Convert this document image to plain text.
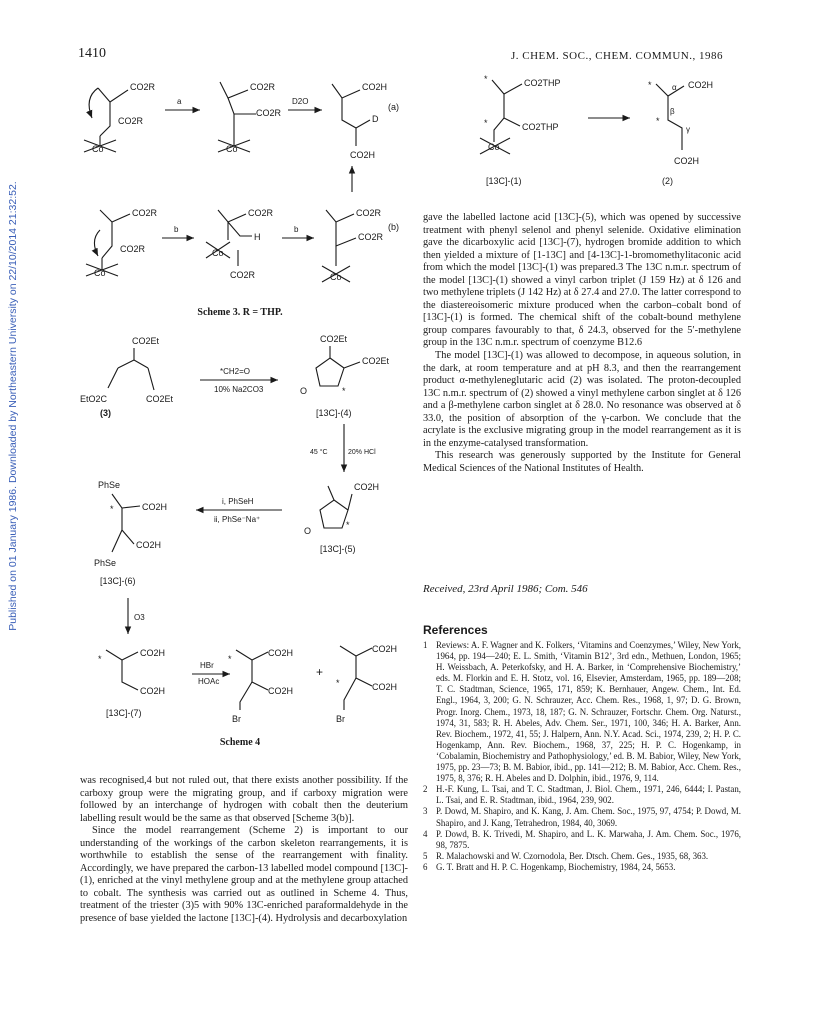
Published on 01 January 1986. Downloaded by Northeastern University on 22/10/2014 21:32:52.
1410	J. CHEM. SOC., CHEM. COMMUN., 1986
CO2R
CO2R
Co
a
CO2R
CO2R
Co
D2O
CO2H
D
CO2H
(a)
CO2R
CO2R
Co
b
CO2R
H
Co
CO2R
b
CO2R
CO2R
Co
(b)
Scheme 3. R = THP.
*	CO2THP
CO2THP
*
Co
[13C]-(1)
*	α CO2H
β
γ
*
CO2H
(2)
CO2Et
EtO2C	CO2Et
(3)
*CH2=O
10% Na2CO3
CO2Et
CO2Et
O	*
[13C]-(4)
45 °C	20% HCl
CO2H
O
*
[13C]-(5)
i, PhSeH
ii, PhSe⁻Na⁺
PhSe
CO2H
*
CO2H
PhSe
[13C]-(6)
O3
*
CO2H
CO2H
[13C]-(7)
HBr
HOAc
*
CO2H
CO2H
Br
+
CO2H
CO2H
*
Br
Scheme 4

was recognised,4 but not ruled out, that there exists another possibility. If the carboxy group were the migrating group, and if carboxy migration were followed by an interchange of hydrogen with cobalt then the deuterium labelling result would be the same as that observed [Scheme 3(b)].

Since the model rearrangement (Scheme 2) is important to our understanding of the workings of the carbon skeleton rearrangements, it is worthwhile to establish the sense of the rearrangement with finality. Accordingly, we have prepared the carbon-13 labelled model compound [13C]-(1), enriched at the vinyl methylene group and at the methylene group attached to cobalt. The synthesis was carried out as outlined in Scheme 4. Thus, treatment of the triester (3)5 with 90% 13C-enriched paraformaldehyde in the presence of base yielded the lactone [13C]-(4). Hydrolysis and decarboxylation

gave the labelled lactone acid [13C]-(5), which was opened by successive treatment with phenyl selenol and phenyl selenide. Oxidative elimination gave the dicarboxylic acid [13C]-(7), hydrogen bromide addition to which then yielded a mixture of [1-13C] and [4-13C]-1-bromomethylitaconic acid from which the model [13C]-(1) was prepared.3 The 13C n.m.r. spectrum of the model [13C]-(1) showed a vinyl carbon triplet (J 159 Hz) at δ 126 and two methylene triplets (J 142 Hz) at δ 27.4 and 27.0. The latter correspond to the diastereoisomeric mixture produced when the carbon–cobalt bond of [13C]-(1) is formed. The chemical shift of the cobalt-bound methylene group compares favourably to that, δ 24.3, observed for the 5′-methylene group in the 13C n.m.r. spectrum of coenzyme B12.6

The model [13C]-(1) was allowed to decompose, in aqueous solution, in the dark, at room temperature and at pH 8.3, and then the rearrangement product α-methyleneglutaric acid (2) was isolated. The proton-decoupled 13C n.m.r. spectrum of (2) showed a vinyl methylene carbon singlet at δ 126 and a β-methylene carbon singlet at δ 28.0. No resonance was observed at δ 33.0, the position of absorption of the γ-carbon. We conclude that the acrylate is the exclusive migrating group in the model rearrangement as it is in the enzyme-catalysed transformation.

This research was generously supported by the Institute for General Medical Sciences of the National Institutes of Health.

Received, 23rd April 1986; Com. 546
References
1 Reviews: A. F. Wagner and K. Folkers, ‘Vitamins and Coenzymes,’ Wiley, New York, 1964, pp. 194—240; E. L. Smith, ‘Vitamin B12’, 3rd edn., Methuen, London, 1965; H. Weissbach, A. Peterkofsky, and H. A. Barker, in ‘Comprehensive Biochemistry,’ eds. M. Florkin and E. H. Stotz, vol. 16, Elsevier, Amsterdam, 1965, pp. 189—208; T. C. Stadtman, Science, 1965, 171, 859; K. Bernhauer, Angew. Chem., Int. Ed. Engl., 1964, 3, 200; G. N. Schrauzer, Acc. Chem. Res., 1968, 1, 97; D. G. Brown, Progr. Inorg. Chem., 1973, 18, 187; G. N. Schrauzer, Fortschr. Chem. Org. Naturst., 1974, 31, 583; R. H. Abeles, Adv. Chem. Ser., 1971, 100, 346; H. A. Barker, Ann. Rev. Biochem., 1972, 41, 55; J. Halpern, Ann. N.Y. Acad. Sci., 1974, 239, 2; H. P. C. Hogenkamp, Ann. Rev. Biochem., 1968, 37, 225; H. P. C. Hogenkamp, in ‘Cobalamin, Biochemistry and Pathophysiology,’ ed. B. M. Babior, Wiley, New York, 1975, pp. 23—73; B. M. Babior, ibid., pp. 141—212; B. M. Babior, Acc. Chem. Res., 1975, 8, 376; R. H. Abeles and D. Dolphin, ibid., 1976, 9, 114.
2 H.-F. Kung, L. Tsai, and T. C. Stadtman, J. Biol. Chem., 1971, 246, 6444; I. Pastan, L. Tsai, and E. R. Stadtman, ibid., 1964, 239, 902.
3 P. Dowd, M. Shapiro, and K. Kang, J. Am. Chem. Soc., 1975, 97, 4754; P. Dowd, M. Shapiro, and J. Kang, Tetrahedron, 1984, 40, 3069.
4 P. Dowd, B. K. Trivedi, M. Shapiro, and L. K. Marwaha, J. Am. Chem. Soc., 1976, 98, 7875.
5 R. Malachowski and W. Czornodola, Ber. Dtsch. Chem. Ges., 1935, 68, 363.
6 G. T. Bratt and H. P. C. Hogenkamp, Biochemistry, 1984, 24, 5653.
